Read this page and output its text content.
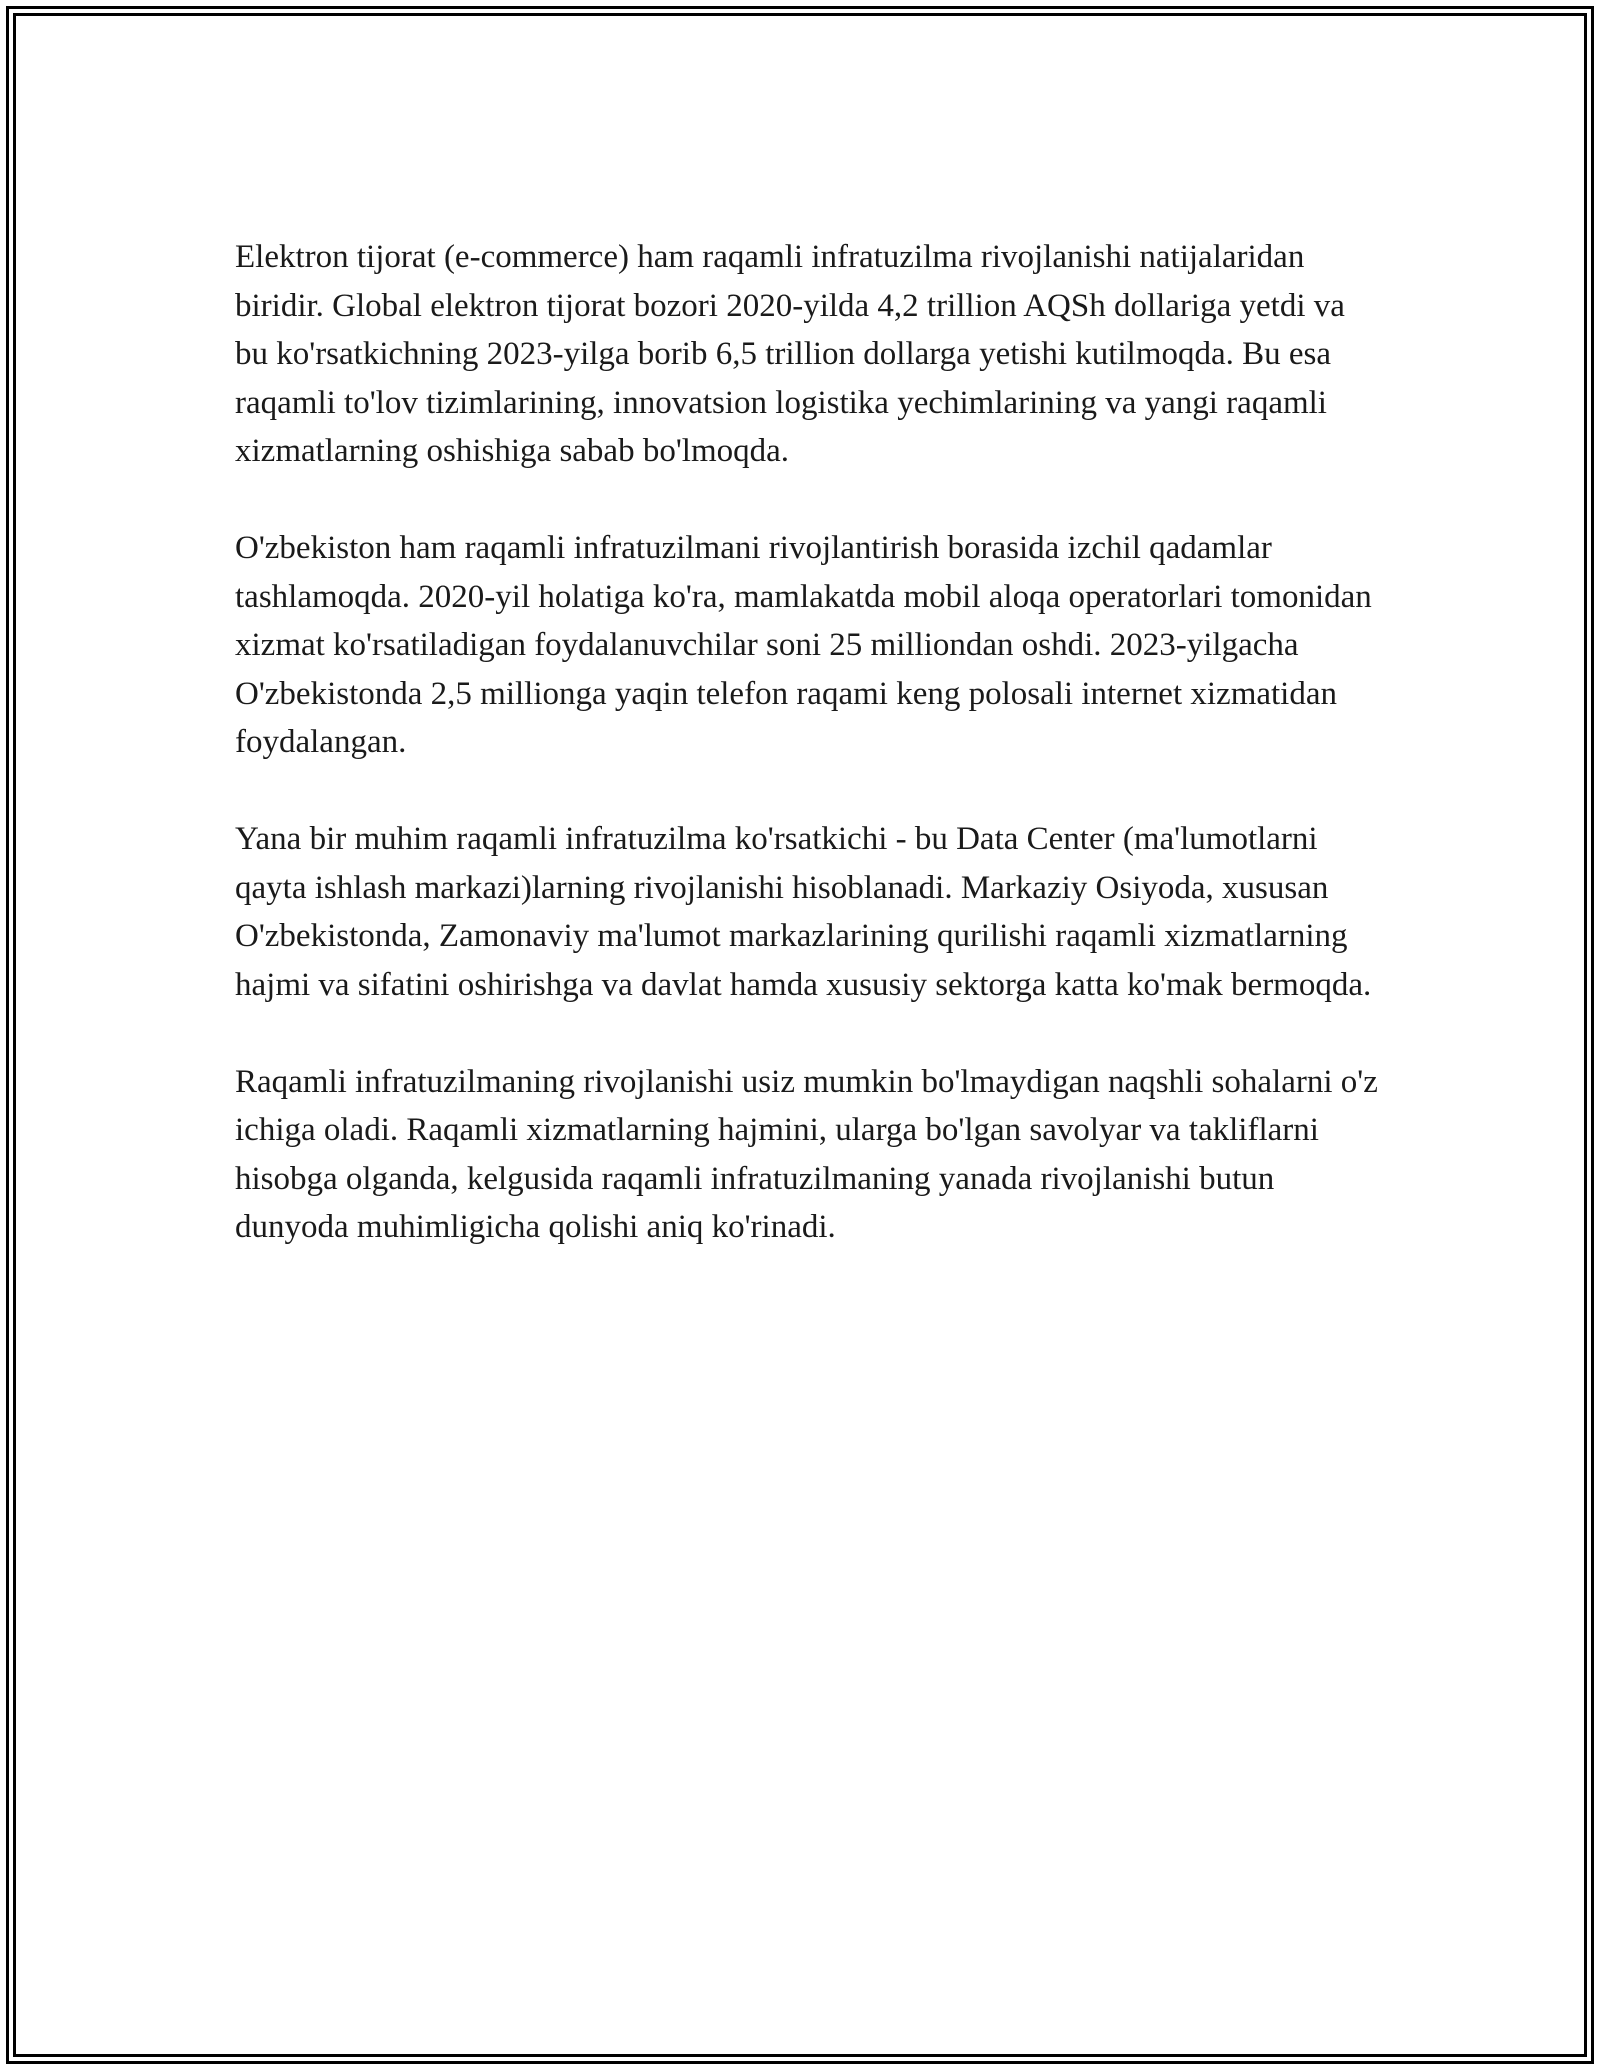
Elektron tijorat (e-commerce) ham raqamli infratuzilma rivojlanishi natijalaridan biridir. Global elektron tijorat bozori 2020-yilda 4,2 trillion AQSh dollariga yetdi va bu ko'rsatkichning 2023-yilga borib 6,5 trillion dollarga yetishi kutilmoqda. Bu esa raqamli to'lov tizimlarining, innovatsion logistika yechimlarining va yangi raqamli xizmatlarning oshishiga sabab bo'lmoqda.

O'zbekiston ham raqamli infratuzilmani rivojlantirish borasida izchil qadamlar tashlamoqda. 2020-yil holatiga ko'ra, mamlakatda mobil aloqa operatorlari tomonidan xizmat ko'rsatiladigan foydalanuvchilar soni 25 milliondan oshdi. 2023-yilgacha O'zbekistonda 2,5 millionga yaqin telefon raqami keng polosali internet xizmatidan foydalangan.

Yana bir muhim raqamli infratuzilma ko'rsatkichi - bu Data Center (ma'lumotlarni qayta ishlash markazi)larning rivojlanishi hisoblanadi. Markaziy Osiyoda, xususan O'zbekistonda, Zamonaviy ma'lumot markazlarining qurilishi raqamli xizmatlarning hajmi va sifatini oshirishga va davlat hamda xususiy sektorga katta ko'mak bermoqda.

Raqamli infratuzilmaning rivojlanishi usiz mumkin bo'lmaydigan naqshli sohalarni o'z ichiga oladi. Raqamli xizmatlarning hajmini, ularga bo'lgan savolyar va takliflarni hisobga olganda, kelgusida raqamli infratuzilmaning yanada rivojlanishi butun dunyoda muhimligicha qolishi aniq ko'rinadi.
